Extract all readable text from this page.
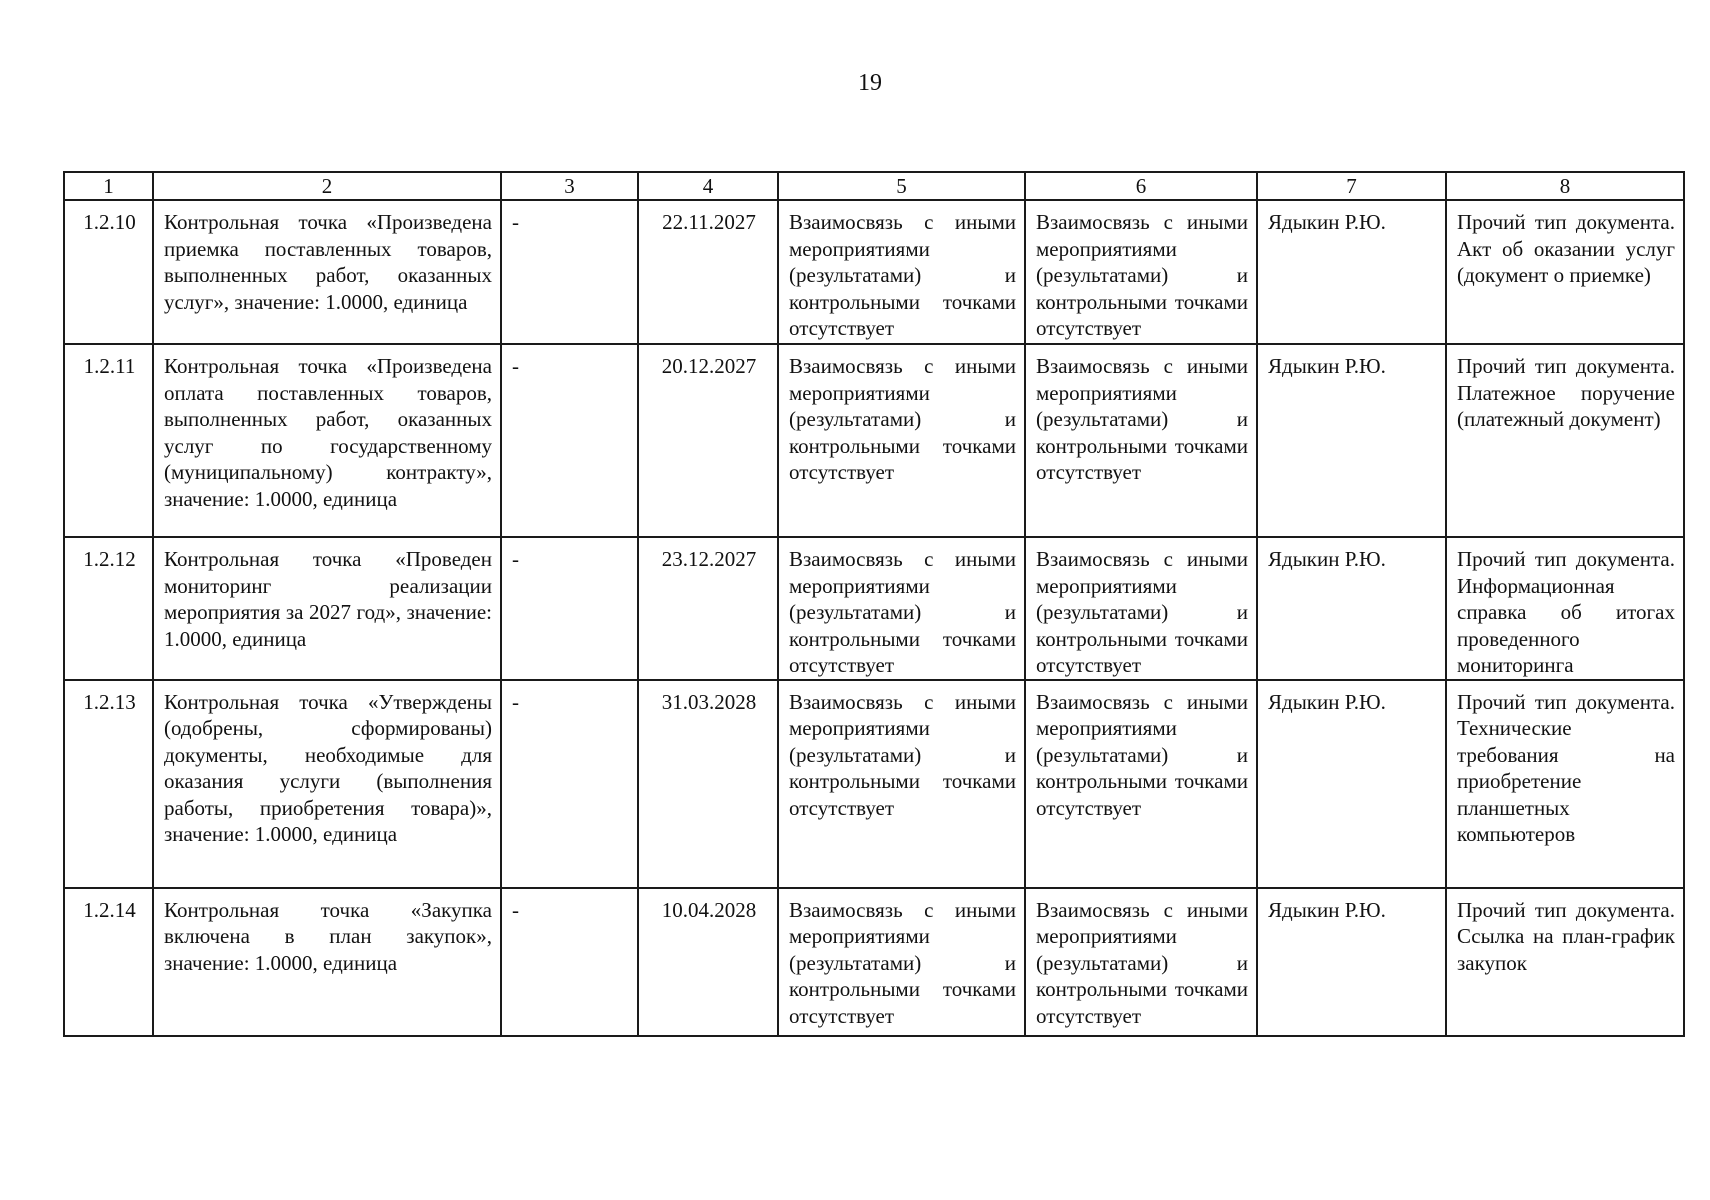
19
1	2	3	4	5	6	7	8
1.2.10	Контрольная точка «Произведена приемка поставленных товаров, выполненных работ, оказанных услуг», значение: 1.0000, единица	-	22.11.2027	Взаимосвязь с иными мероприятиями (результатами) и контрольными точками отсутствует	Взаимосвязь с иными мероприятиями (результатами) и контрольными точками отсутствует	Ядыкин Р.Ю.	Прочий тип документа. Акт об оказании услуг (документ о приемке)
1.2.11	Контрольная точка «Произведена оплата поставленных товаров, выполненных работ, оказанных услуг по государственному (муниципальному) контракту», значение: 1.0000, единица	-	20.12.2027	Взаимосвязь с иными мероприятиями (результатами) и контрольными точками отсутствует	Взаимосвязь с иными мероприятиями (результатами) и контрольными точками отсутствует	Ядыкин Р.Ю.	Прочий тип документа. Платежное поручение (платежный документ)
1.2.12	Контрольная точка «Проведен мониторинг реализации мероприятия за 2027 год», значение: 1.0000, единица	-	23.12.2027	Взаимосвязь с иными мероприятиями (результатами) и контрольными точками отсутствует	Взаимосвязь с иными мероприятиями (результатами) и контрольными точками отсутствует	Ядыкин Р.Ю.	Прочий тип документа. Информационная справка об итогах проведенного мониторинга
1.2.13	Контрольная точка «Утверждены (одобрены, сформированы) документы, необходимые для оказания услуги (выполнения работы, приобретения товара)», значение: 1.0000, единица	-	31.03.2028	Взаимосвязь с иными мероприятиями (результатами) и контрольными точками отсутствует	Взаимосвязь с иными мероприятиями (результатами) и контрольными точками отсутствует	Ядыкин Р.Ю.	Прочий тип документа. Технические требования на приобретение планшетных компьютеров
1.2.14	Контрольная точка «Закупка включена в план закупок», значение: 1.0000, единица	-	10.04.2028	Взаимосвязь с иными мероприятиями (результатами) и контрольными точками отсутствует	Взаимосвязь с иными мероприятиями (результатами) и контрольными точками отсутствует	Ядыкин Р.Ю.	Прочий тип документа. Ссылка на план-график закупок
